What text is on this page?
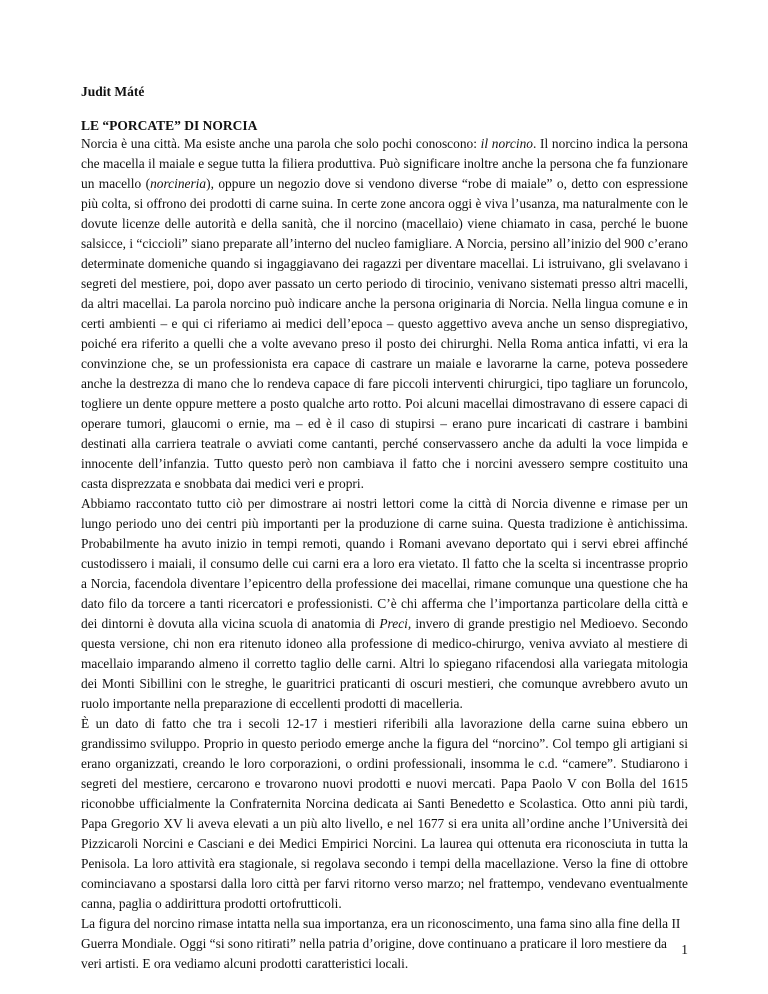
Judit Máté

LE “PORCATE” DI NORCIA

Norcia è una città. Ma esiste anche una parola che solo pochi conoscono: il norcino. Il norcino indica la persona che macella il maiale e segue tutta la filiera produttiva. Può significare inoltre anche la persona che fa funzionare un macello (norcineria), oppure un negozio dove si vendono diverse “robe di maiale” o, detto con espressione più colta, si offrono dei prodotti di carne suina. In certe zone ancora oggi è viva l’usanza, ma naturalmente con le dovute licenze delle autorità e della sanità, che il norcino (macellaio) viene chiamato in casa, perché le buone salsicce, i “ciccioli” siano preparate all’interno del nucleo famigliare. A Norcia, persino all’inizio del 900 c’erano determinate domeniche quando si ingaggiavano dei ragazzi per diventare macellai. Li istruivano, gli svelavano i segreti del mestiere, poi, dopo aver passato un certo periodo di tirocinio, venivano sistemati presso altri macelli, da altri macellai. La parola norcino può indicare anche la persona originaria di Norcia. Nella lingua comune e in certi ambienti – e qui ci riferiamo ai medici dell’epoca – questo aggettivo aveva anche un senso dispregiativo, poiché era riferito a quelli che a volte avevano preso il posto dei chirurghi. Nella Roma antica infatti, vi era la convinzione che, se un professionista era capace di castrare un maiale e lavorarne la carne, poteva possedere anche la destrezza di mano che lo rendeva capace di fare piccoli interventi chirurgici, tipo tagliare un foruncolo, togliere un dente oppure mettere a posto qualche arto rotto. Poi alcuni macellai dimostravano di essere capaci di operare tumori, glaucomi o ernie, ma – ed è il caso di stupirsi – erano pure incaricati di castrare i bambini destinati alla carriera teatrale o avviati come cantanti, perché conservassero anche da adulti la voce limpida e innocente dell’infanzia. Tutto questo però non cambiava il fatto che i norcini avessero sempre costituito una casta disprezzata e snobbata dai medici veri e propri.

Abbiamo raccontato tutto ciò per dimostrare ai nostri lettori come la città di Norcia divenne e rimase per un lungo periodo uno dei centri più importanti per la produzione di carne suina. Questa tradizione è antichissima. Probabilmente ha avuto inizio in tempi remoti, quando i Romani avevano deportato qui i servi ebrei affinché custodissero i maiali, il consumo delle cui carni era a loro era vietato. Il fatto che la scelta si incentrasse proprio a Norcia, facendola diventare l’epicentro della professione dei macellai, rimane comunque una questione che ha dato filo da torcere a tanti ricercatori e professionisti. C’è chi afferma che l’importanza particolare della città e dei dintorni è dovuta alla vicina scuola di anatomia di Preci, invero di grande prestigio nel Medioevo. Secondo questa versione, chi non era ritenuto idoneo alla professione di medico-chirurgo, veniva avviato al mestiere di macellaio imparando almeno il corretto taglio delle carni. Altri lo spiegano rifacendosi alla variegata mitologia dei Monti Sibillini con le streghe, le guaritrici praticanti di oscuri mestieri, che comunque avrebbero avuto un ruolo importante nella preparazione di eccellenti prodotti di macelleria.

È un dato di fatto che tra i secoli 12-17 i mestieri riferibili alla lavorazione della carne suina ebbero un grandissimo sviluppo. Proprio in questo periodo emerge anche la figura del “norcino”. Col tempo gli artigiani si erano organizzati, creando le loro corporazioni, o ordini professionali, insomma le c.d. “camere”. Studiarono i segreti del mestiere, cercarono e trovarono nuovi prodotti e nuovi mercati. Papa Paolo V con Bolla del 1615 riconobbe ufficialmente la Confraternita Norcina dedicata ai Santi Benedetto e Scolastica. Otto anni più tardi, Papa Gregorio XV li aveva elevati a un più alto livello, e nel 1677 si era unita all’ordine anche l’Università dei Pizzicaroli Norcini e Casciani e dei Medici Empirici Norcini. La laurea qui ottenuta era riconosciuta in tutta la Penisola. La loro attività era stagionale, si regolava secondo i tempi della macellazione. Verso la fine di ottobre cominciavano a spostarsi dalla loro città per farvi ritorno verso marzo; nel frattempo, vendevano eventualmente canna, paglia o addirittura prodotti ortofrutticoli.

La figura del norcino rimase intatta nella sua importanza, era un riconoscimento, una fama sino alla fine della II Guerra Mondiale. Oggi “si sono ritirati” nella patria d’origine, dove continuano a praticare il loro mestiere da veri artisti. E ora vediamo alcuni prodotti caratteristici locali.

1
